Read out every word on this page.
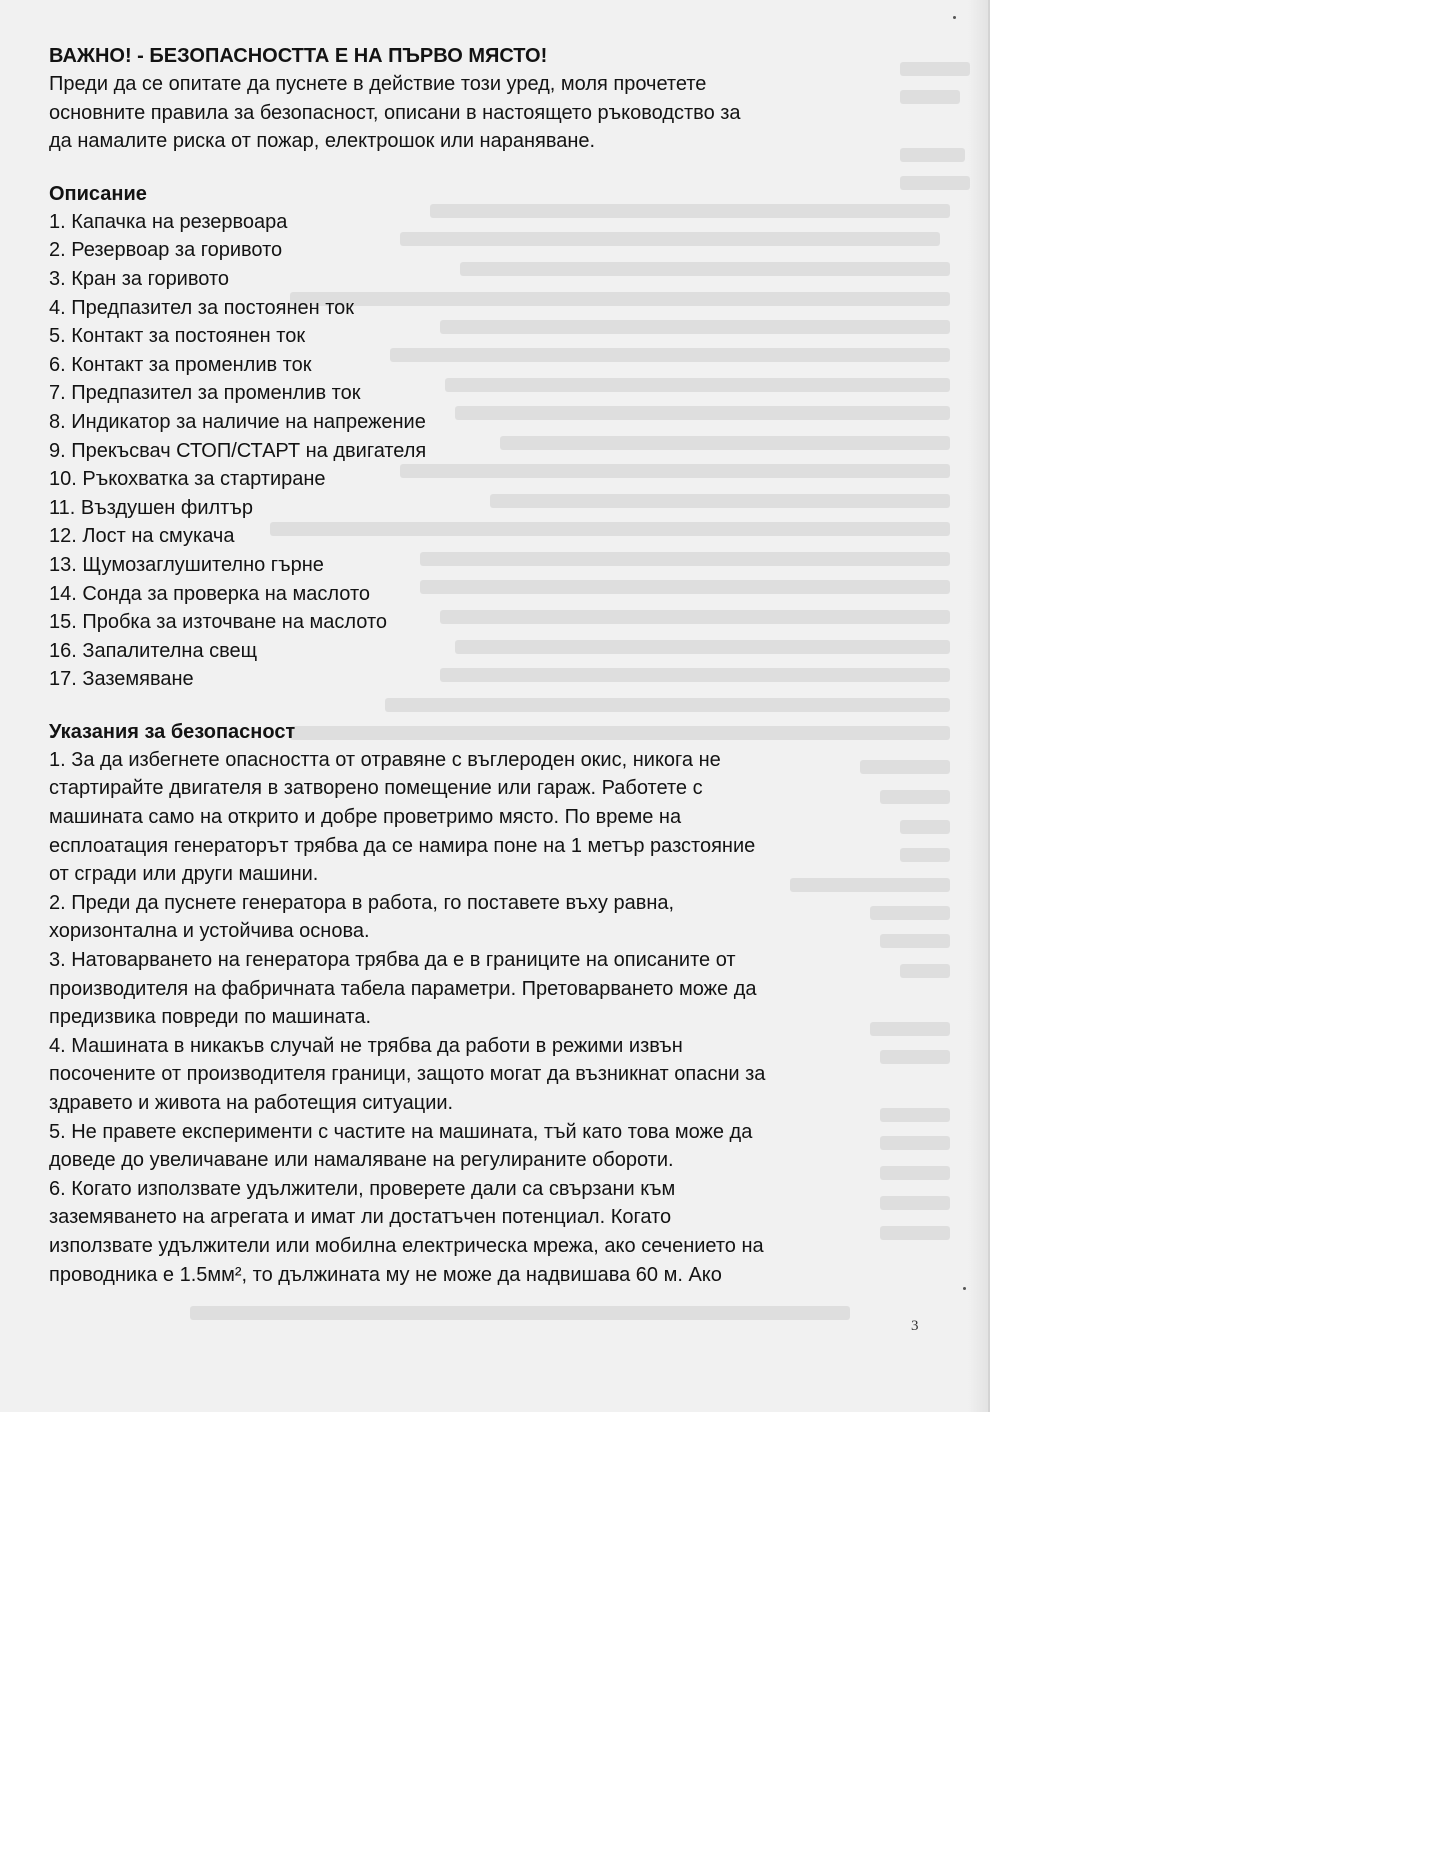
ВАЖНО! - БЕЗОПАСНОСТТА Е НА ПЪРВО МЯСТО!

Преди да се опитате да пуснете в действие този уред, моля прочетете

основните правила за безопасност, описани в настоящето ръководство за

да намалите риска от пожар, електрошок или нараняване.

Описание

1. Капачка на резервоара
2. Резервоар за горивото
3. Кран за горивото
4. Предпазител за постоянен ток
5. Контакт за постоянен ток
6. Контакт за променлив ток
7. Предпазител за променлив ток
8. Индикатор за наличие на напрежение
9. Прекъсвач СТОП/СТАРТ на двигателя
10. Ръкохватка за стартиране
11. Въздушен филтър
12. Лост на смукача
13. Щумозаглушително гърне
14. Сонда за проверка на маслото
15. Пробка за източване на маслото
16. Запалителна свещ
17. Заземяване

Указания за безопасност

1. За да избегнете опасността от отравяне с въглероден окис, никога не

стартирайте двигателя в затворено помещение или гараж. Работете с

машината само на открито и добре проветримо място. По време на

есплоатация генераторът трябва да се намира поне на 1 метър разстояние

от сгради или други машини.

2. Преди да пуснете генератора в работа, го поставете въху равна,

хоризонтална и устойчива основа.

3. Натоварването на генератора трябва да е в границите на описаните от

производителя на фабричната табела параметри. Претоварването може да

предизвика повреди по машината.

4. Машината в никакъв случай не трябва да работи в режими извън

посочените от производителя граници, защото могат да възникнат опасни за

здравето и живота на работещия ситуации.

5. Не правете експерименти с частите на машината, тъй като това може да

доведе до увеличаване или намаляване на регулираните обороти.

6. Когато използвате удължители, проверете дали са свързани към

заземяването на агрегата и имат ли достатъчен потенциал. Когато

използвате удължители или мобилна електрическа мрежа, ако сечението на

проводника е 1.5мм², то дължината му не може да надвишава 60 м. Ако

3
